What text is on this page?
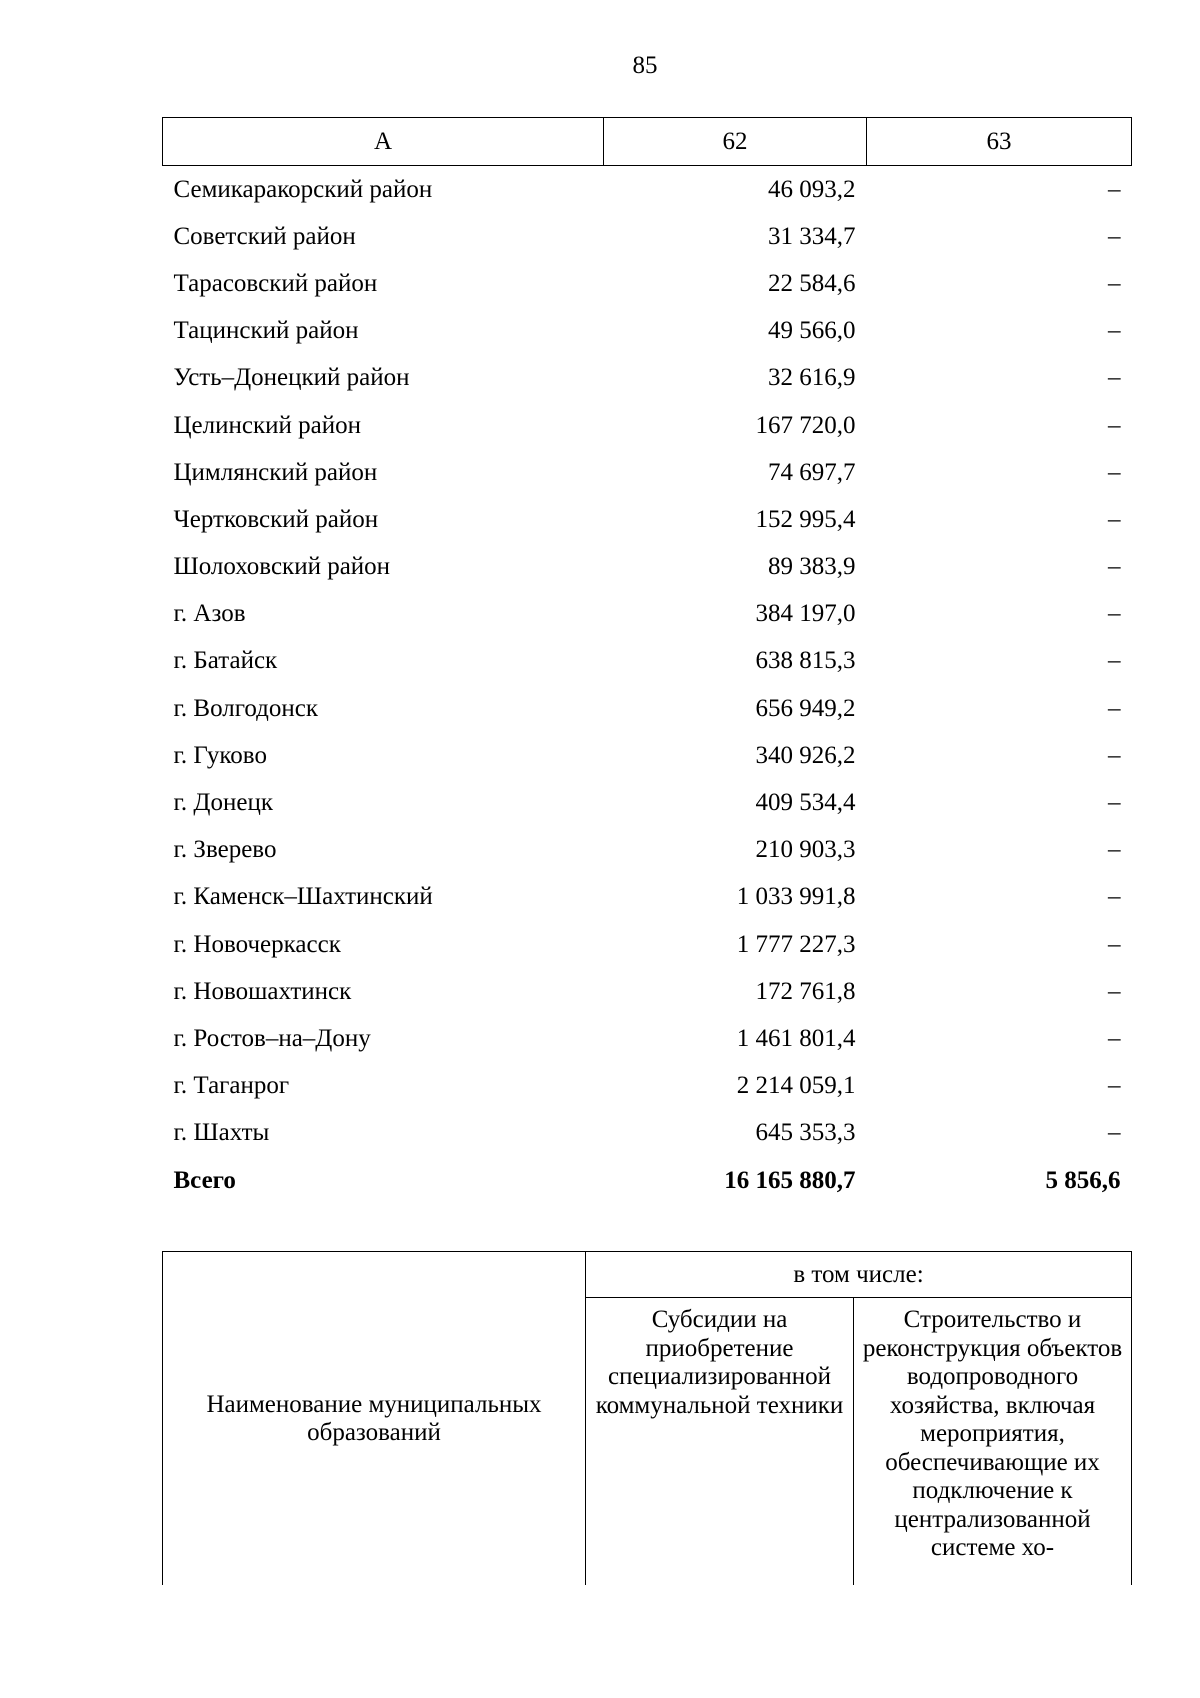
85
А	62	63
Семикаракорский район	46 093,2	–
Советский район	31 334,7	–
Тарасовский район	22 584,6	–
Тацинский район	49 566,0	–
Усть–Донецкий район	32 616,9	–
Целинский район	167 720,0	–
Цимлянский район	74 697,7	–
Чертковский район	152 995,4	–
Шолоховский район	89 383,9	–
г. Азов	384 197,0	–
г. Батайск	638 815,3	–
г. Волгодонск	656 949,2	–
г. Гуково	340 926,2	–
г. Донецк	409 534,4	–
г. Зверево	210 903,3	–
г. Каменск–Шахтинский	1 033 991,8	–
г. Новочеркасск	1 777 227,3	–
г. Новошахтинск	172 761,8	–
г. Ростов–на–Дону	1 461 801,4	–
г. Таганрог	2 214 059,1	–
г. Шахты	645 353,3	–
Всего	16 165 880,7	5 856,6
Наименование муниципальных образований	в том числе:	
	Субсидии на приобретение специализированной коммунальной техники	Строительство и реконструкция объектов водопроводного хозяйства, включая мероприятия, обеспечивающие их подключение к централизованной системе хо-
